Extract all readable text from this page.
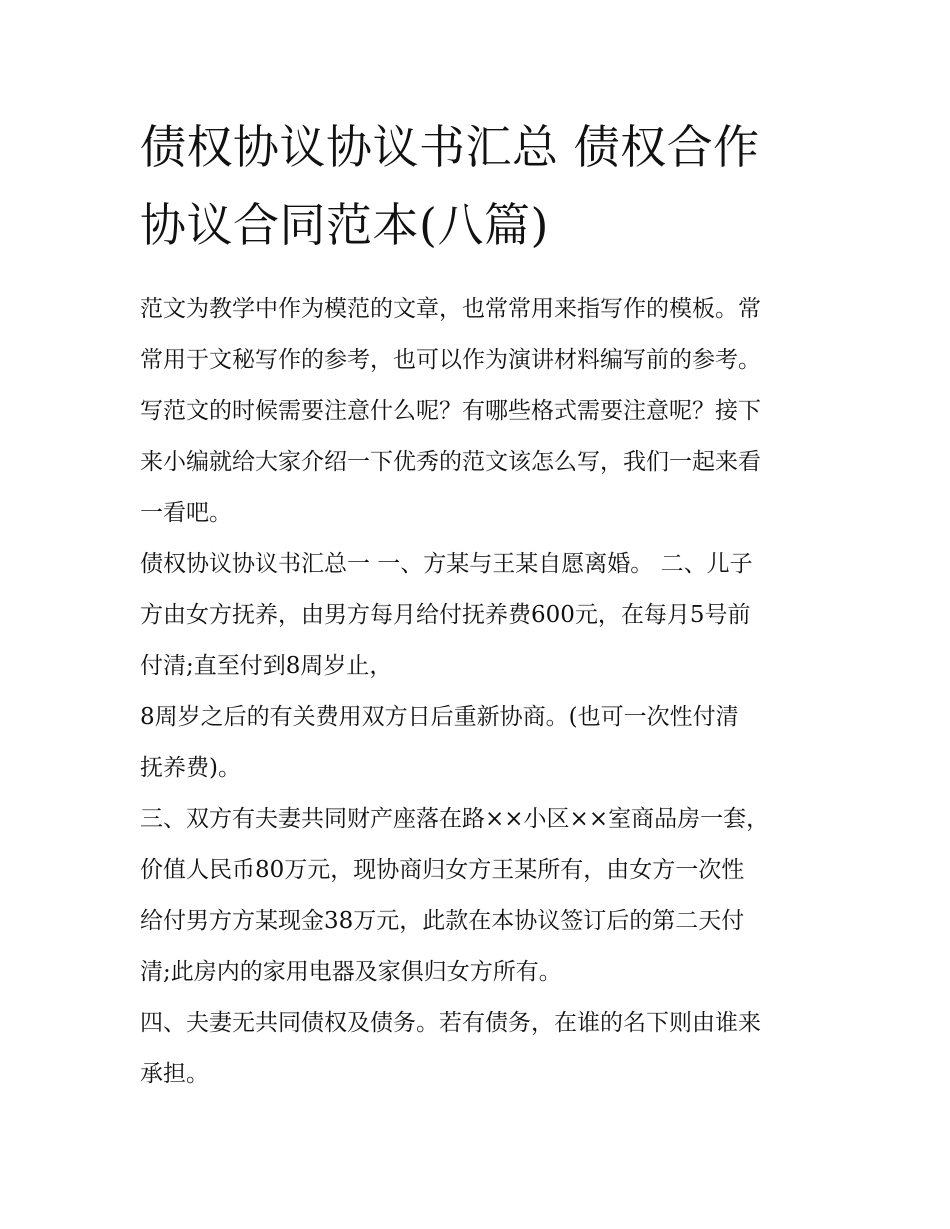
债权协议协议书汇总 债权合作
协议合同范本(八篇)
范文为教学中作为模范的文章，也常常用来指写作的模板。常
常用于文秘写作的参考，也可以作为演讲材料编写前的参考。
写范文的时候需要注意什么呢？有哪些格式需要注意呢？接下
来小编就给大家介绍一下优秀的范文该怎么写，我们一起来看
一看吧。
债权协议协议书汇总一 一、方某与王某自愿离婚。 二、儿子
方由女方抚养，由男方每月给付抚养费600元，在每月5号前
付清;直至付到8周岁止，
8周岁之后的有关费用双方日后重新协商。(也可一次性付清
抚养费)。
三、双方有夫妻共同财产座落在路××小区××室商品房一套，
价值人民币80万元，现协商归女方王某所有，由女方一次性
给付男方方某现金38万元，此款在本协议签订后的第二天付
清;此房内的家用电器及家俱归女方所有。
四、夫妻无共同债权及债务。若有债务，在谁的名下则由谁来
承担。
